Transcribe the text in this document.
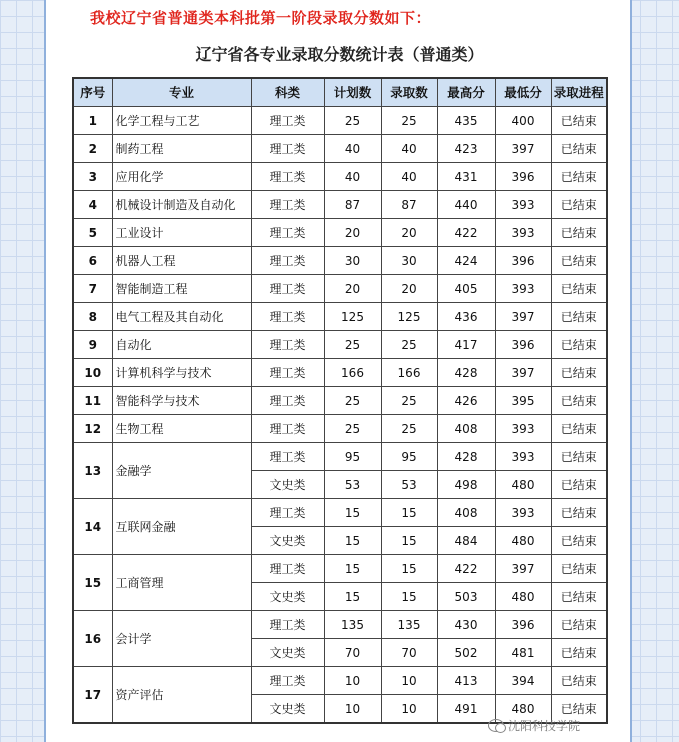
我校辽宁省普通类本科批第一阶段录取分数如下：
辽宁省各专业录取分数统计表（普通类）
序号	专业	科类	计划数	录取数	最高分	最低分	录取进程
1	化学工程与工艺	理工类	25	25	435	400	已结束
2	制药工程	理工类	40	40	423	397	已结束
3	应用化学	理工类	40	40	431	396	已结束
4	机械设计制造及自动化	理工类	87	87	440	393	已结束
5	工业设计	理工类	20	20	422	393	已结束
6	机器人工程	理工类	30	30	424	396	已结束
7	智能制造工程	理工类	20	20	405	393	已结束
8	电气工程及其自动化	理工类	125	125	436	397	已结束
9	自动化	理工类	25	25	417	396	已结束
10	计算机科学与技术	理工类	166	166	428	397	已结束
11	智能科学与技术	理工类	25	25	426	395	已结束
12	生物工程	理工类	25	25	408	393	已结束
13	金融学	理工类	95	95	428	393	已结束
		文史类	53	53	498	480	已结束
14	互联网金融	理工类	15	15	408	393	已结束
		文史类	15	15	484	480	已结束
15	工商管理	理工类	15	15	422	397	已结束
		文史类	15	15	503	480	已结束
16	会计学	理工类	135	135	430	396	已结束
		文史类	70	70	502	481	已结束
17	资产评估	理工类	10	10	413	394	已结束
		文史类	10	10	491	480	已结束
沈阳科技学院
